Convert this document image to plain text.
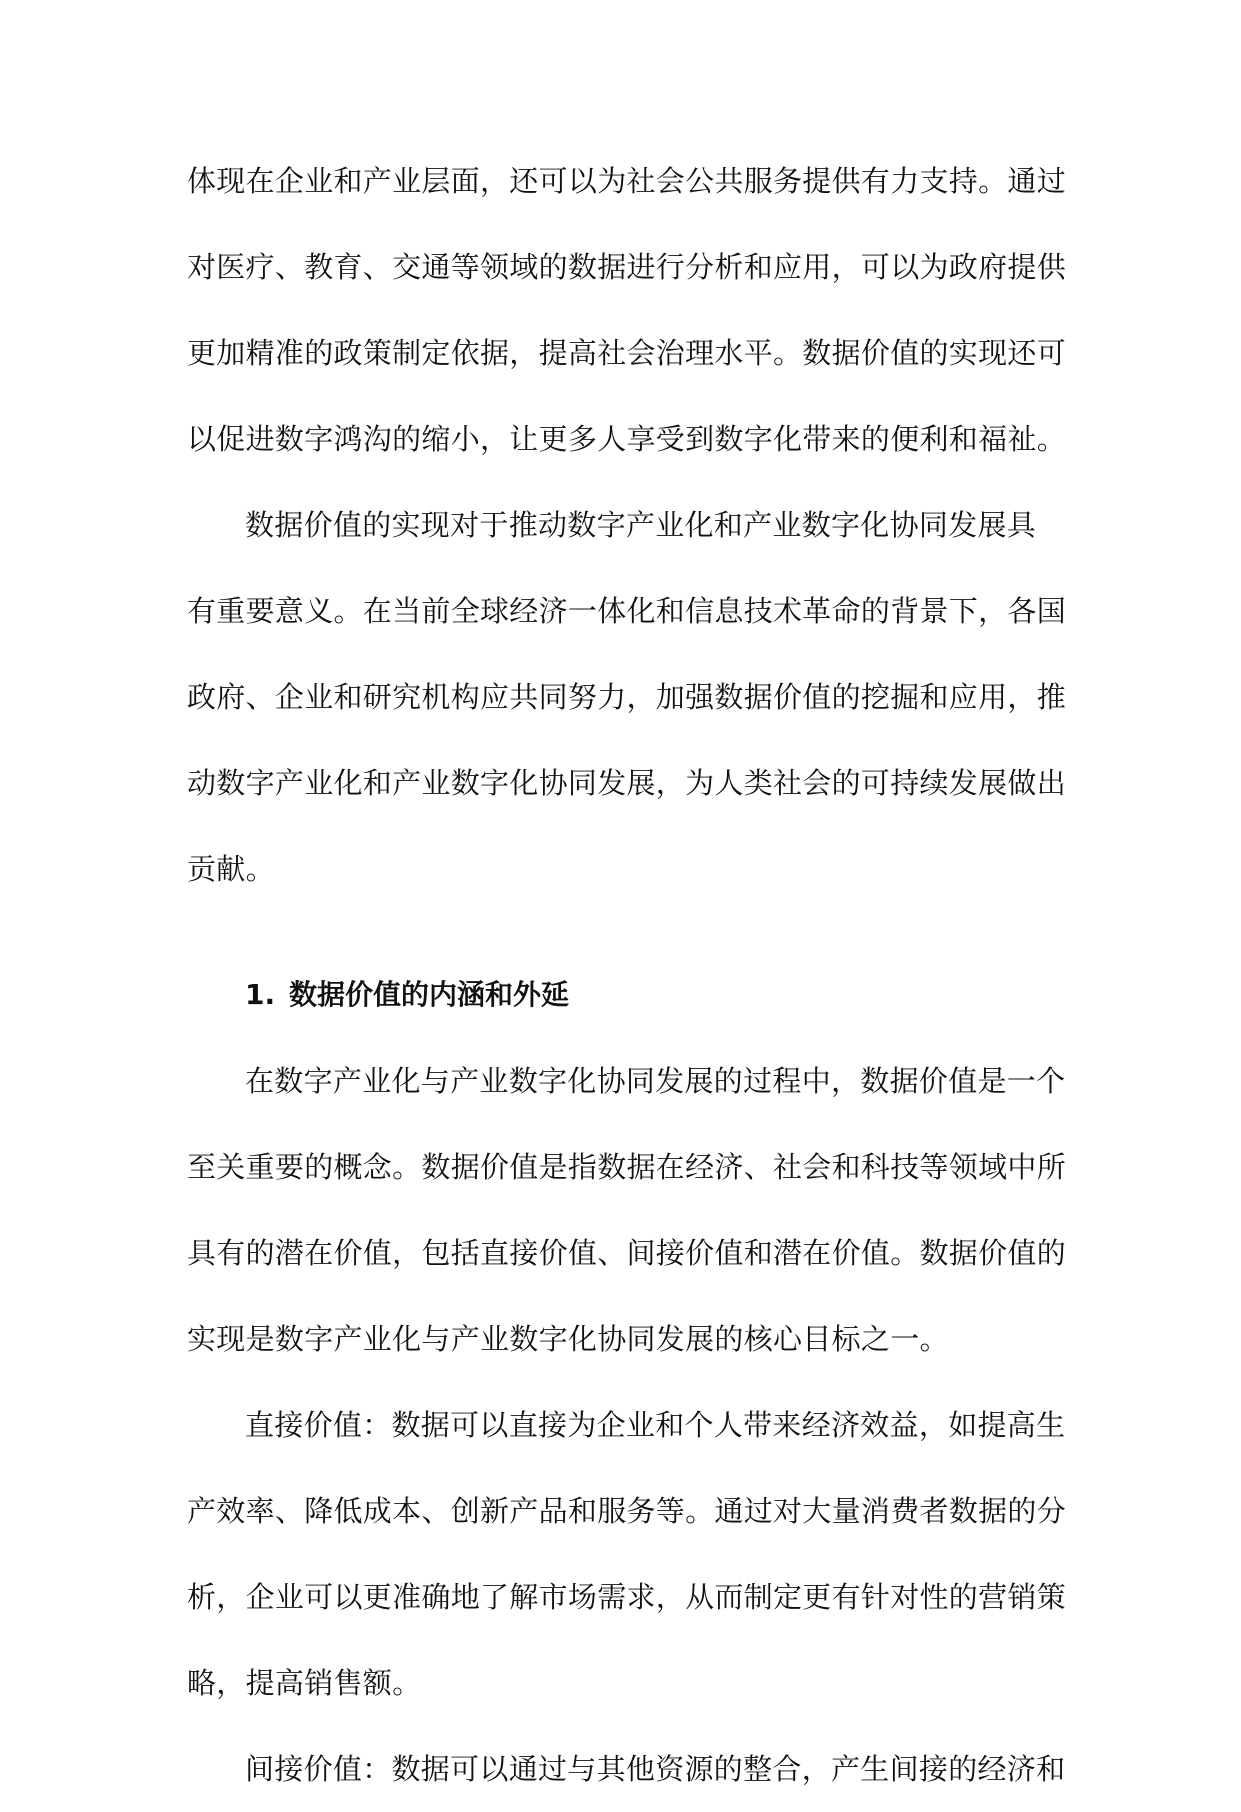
体现在企业和产业层面，还可以为社会公共服务提供有力支持。通过
对医疗、教育、交通等领域的数据进行分析和应用，可以为政府提供
更加精准的政策制定依据，提高社会治理水平。数据价值的实现还可
以促进数字鸿沟的缩小，让更多人享受到数字化带来的便利和福祉。
数据价值的实现对于推动数字产业化和产业数字化协同发展具
有重要意义。在当前全球经济一体化和信息技术革命的背景下，各国
政府、企业和研究机构应共同努力，加强数据价值的挖掘和应用，推
动数字产业化和产业数字化协同发展，为人类社会的可持续发展做出
贡献。
1. 数据价值的内涵和外延
在数字产业化与产业数字化协同发展的过程中，数据价值是一个
至关重要的概念。数据价值是指数据在经济、社会和科技等领域中所
具有的潜在价值，包括直接价值、间接价值和潜在价值。数据价值的
实现是数字产业化与产业数字化协同发展的核心目标之一。
直接价值：数据可以直接为企业和个人带来经济效益，如提高生
产效率、降低成本、创新产品和服务等。通过对大量消费者数据的分
析，企业可以更准确地了解市场需求，从而制定更有针对性的营销策
略，提高销售额。
间接价值：数据可以通过与其他资源的整合，产生间接的经济和
